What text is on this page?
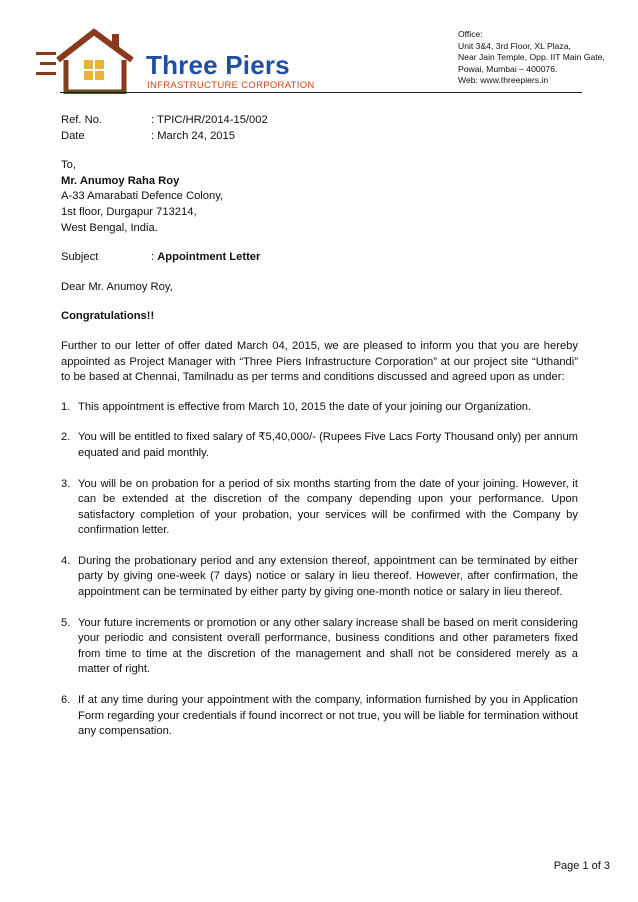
Three Piers
INFRASTRUCTURE CORPORATION
Office:
Unit 3&4, 3rd Floor, XL Plaza,
Near Jain Temple, Opp. IIT Main Gate,
Powai, Mumbai – 400076.
Web: www.threepiers.in
Ref. No.	: TPIC/HR/2014-15/002
Date	: March 24, 2015

To,

Mr. Anumoy Raha Roy

A-33 Amarabati Defence Colony,

1st floor, Durgapur 713214,

West Bengal, India.

Subject	: Appointment Letter

Dear Mr. Anumoy Roy,

Congratulations!!

Further to our letter of offer dated March 04, 2015, we are pleased to inform you that you are hereby appointed as Project Manager with “Three Piers Infrastructure Corporation” at our project site “Uthandi” to be based at Chennai, Tamilnadu as per terms and conditions discussed and agreed upon as under:

1. This appointment is effective from March 10, 2015 the date of your joining our Organization.
2. You will be entitled to fixed salary of ₹5,40,000/- (Rupees Five Lacs Forty Thousand only) per annum equated and paid monthly.
3. You will be on probation for a period of six months starting from the date of your joining. However, it can be extended at the discretion of the company depending upon your performance. Upon satisfactory completion of your probation, your services will be confirmed with the Company by confirmation letter.
4. During the probationary period and any extension thereof, appointment can be terminated by either party by giving one-week (7 days) notice or salary in lieu thereof. However, after confirmation, the appointment can be terminated by either party by giving one-month notice or salary in lieu thereof.
5. Your future increments or promotion or any other salary increase shall be based on merit considering your periodic and consistent overall performance, business conditions and other parameters fixed from time to time at the discretion of the management and shall not be considered merely as a matter of right.
6. If at any time during your appointment with the company, information furnished by you in Application Form regarding your credentials if found incorrect or not true, you will be liable for termination without any compensation.
Page 1 of 3
